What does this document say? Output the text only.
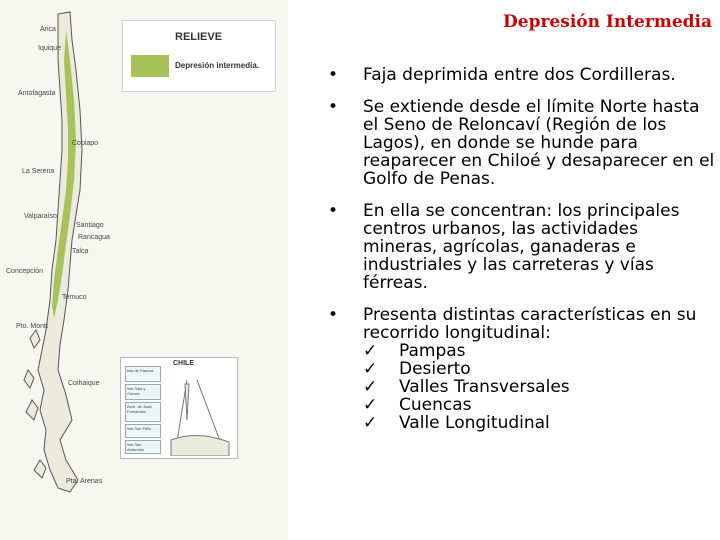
RELIEVE
Depresión intermedia.
Arica
Iquique
Antofagasta
Copiapo
La Serena
Valparaíso
Santiago
Rancagua
Talca
Concepción
Temuco
Pto. Montt
Coihaique
Pta. Arenas
CHILE
Isla de Pascua
Isla Sala y Gómez
Arch. de Juan Fernández
Isla San Félix
Isla San Ambrosio
Depresión Intermedia
• Faja deprimida entre dos Cordilleras.
• Se extiende desde el límite Norte hasta el Seno de Reloncaví (Región de los Lagos), en donde se hunde para reaparecer en Chiloé y desaparecer en el Golfo de Penas.
• En ella se concentran: los principales centros urbanos, las actividades mineras, agrícolas, ganaderas e industriales y las carreteras y vías férreas.
• Presenta distintas características en su recorrido longitudinal:
✓ Pampas
✓ Desierto
✓ Valles Transversales
✓ Cuencas
✓ Valle Longitudinal
